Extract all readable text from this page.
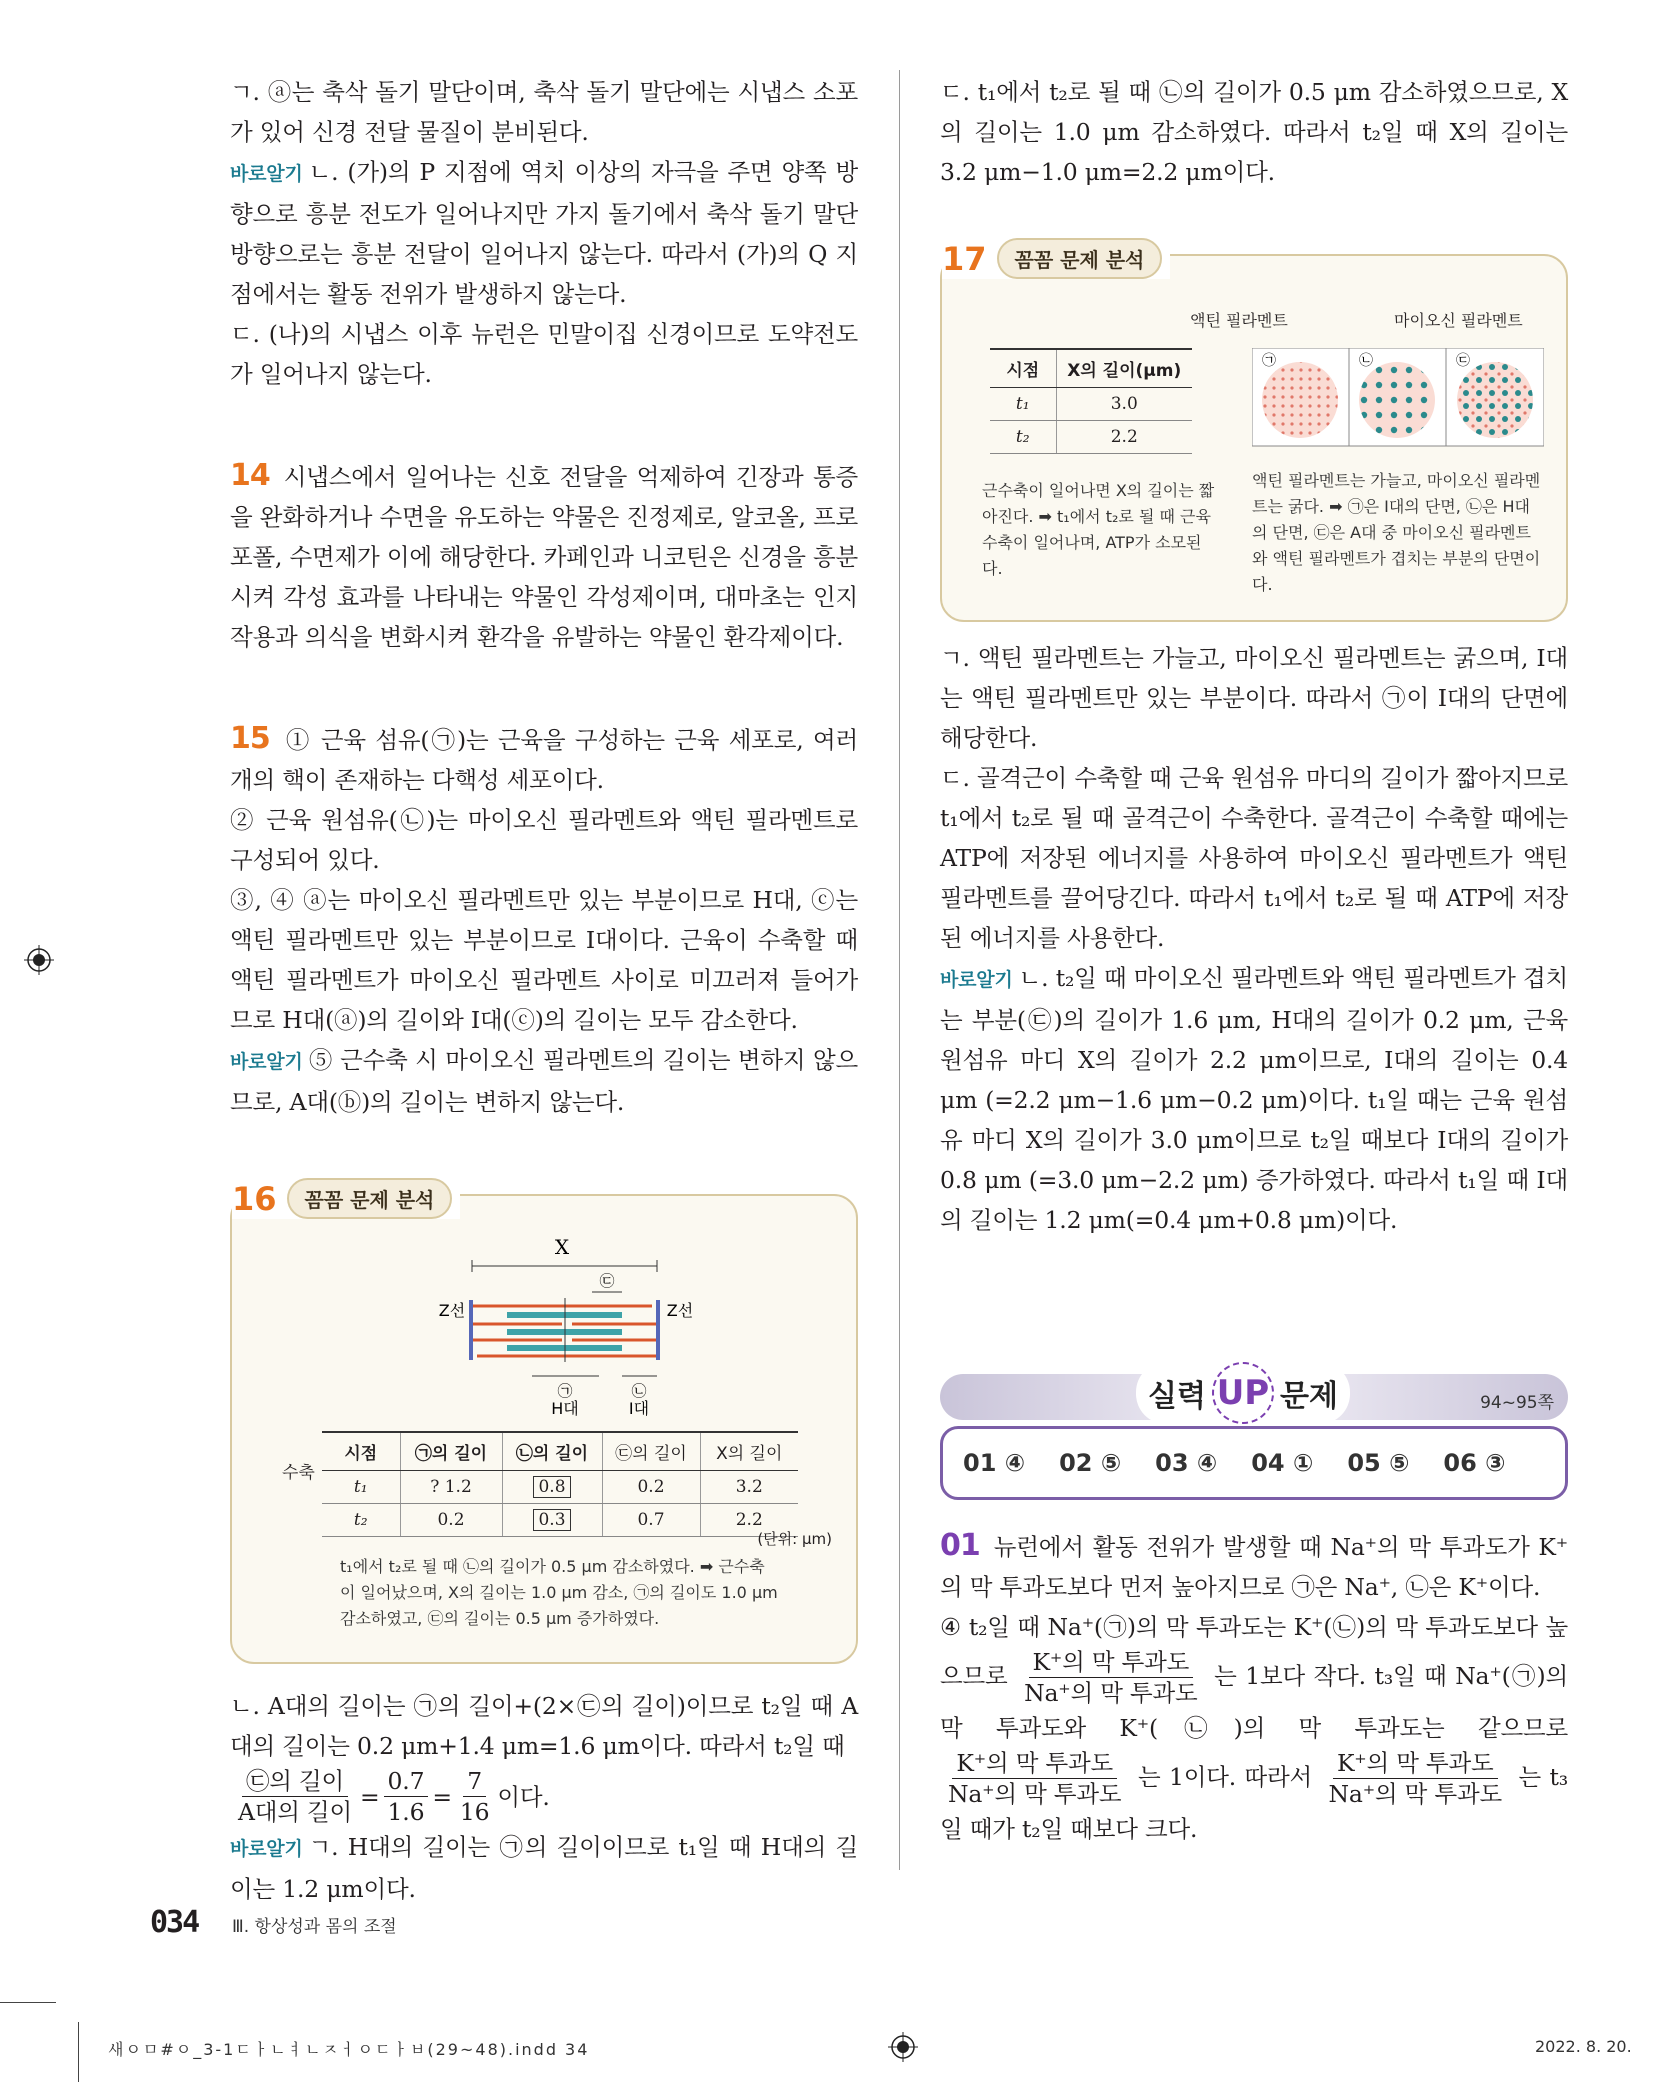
ㄱ. ⓐ는 축삭 돌기 말단이며, 축삭 돌기 말단에는 시냅스 소포가 있어 신경 전달 물질이 분비된다.

바로알기 ㄴ. (가)의 P 지점에 역치 이상의 자극을 주면 양쪽 방향으로 흥분 전도가 일어나지만 가지 돌기에서 축삭 돌기 말단 방향으로는 흥분 전달이 일어나지 않는다. 따라서 (가)의 Q 지점에서는 활동 전위가 발생하지 않는다.

ㄷ. (나)의 시냅스 이후 뉴런은 민말이집 신경이므로 도약전도가 일어나지 않는다.

14 시냅스에서 일어나는 신호 전달을 억제하여 긴장과 통증을 완화하거나 수면을 유도하는 약물은 진정제로, 알코올, 프로포폴, 수면제가 이에 해당한다. 카페인과 니코틴은 신경을 흥분시켜 각성 효과를 나타내는 약물인 각성제이며, 대마초는 인지 작용과 의식을 변화시켜 환각을 유발하는 약물인 환각제이다.

15 ① 근육 섬유(㉠)는 근육을 구성하는 근육 세포로, 여러 개의 핵이 존재하는 다핵성 세포이다.

② 근육 원섬유(㉡)는 마이오신 필라멘트와 액틴 필라멘트로 구성되어 있다.

③, ④ ⓐ는 마이오신 필라멘트만 있는 부분이므로 H대, ⓒ는 액틴 필라멘트만 있는 부분이므로 I대이다. 근육이 수축할 때 액틴 필라멘트가 마이오신 필라멘트 사이로 미끄러져 들어가므로 H대(ⓐ)의 길이와 I대(ⓒ)의 길이는 모두 감소한다.

바로알기 ⑤ 근수축 시 마이오신 필라멘트의 길이는 변하지 않으므로, A대(ⓑ)의 길이는 변하지 않는다.

16	꼼꼼 문제 분석
X
㉢
Z선	Z선
㉠	㉡
H대	I대
수축
시점	㉠의 길이	㉡의 길이	㉢의 길이	X의 길이
t₁	? 1.2	0.8	0.2	3.2
t₂	0.2	0.3	0.7	2.2
(단위: μm)
t₁에서 t₂로 될 때 ㉡의 길이가 0.5 μm 감소하였다. ➡ 근수축이 일어났으며, X의 길이는 1.0 μm 감소, ㉠의 길이도 1.0 μm 감소하였고, ㉢의 길이는 0.5 μm 증가하였다.

ㄴ. A대의 길이는 ㉠의 길이+(2×㉢의 길이)이므로 t₂일 때 A대의 길이는 0.2 μm+1.4 μm=1.6 μm이다. 따라서 t₂일 때

$\frac{\text{㉢의 길이}}{\text{A대의 길이}} = \frac{0.7}{1.6} = \frac{7}{16}$ 이다.

바로알기 ㄱ. H대의 길이는 ㉠의 길이이므로 t₁일 때 H대의 길이는 1.2 μm이다.

ㄷ. t₁에서 t₂로 될 때 ㉡의 길이가 0.5 μm 감소하였으므로, X의 길이는 1.0 μm 감소하였다. 따라서 t₂일 때 X의 길이는 3.2 μm−1.0 μm=2.2 μm이다.

17	꼼꼼 문제 분석
액틴 필라멘트	마이오신 필라멘트
시점	X의 길이(μm)
t₁	3.0
t₂	2.2
㉠	㉡	㉢
근수축이 일어나면 X의 길이는 짧아진다. ➡ t₁에서 t₂로 될 때 근육 수축이 일어나며, ATP가 소모된다.
액틴 필라멘트는 가늘고, 마이오신 필라멘트는 굵다. ➡ ㉠은 I대의 단면, ㉡은 H대의 단면, ㉢은 A대 중 마이오신 필라멘트와 액틴 필라멘트가 겹치는 부분의 단면이다.

ㄱ. 액틴 필라멘트는 가늘고, 마이오신 필라멘트는 굵으며, I대는 액틴 필라멘트만 있는 부분이다. 따라서 ㉠이 I대의 단면에 해당한다.

ㄷ. 골격근이 수축할 때 근육 원섬유 마디의 길이가 짧아지므로 t₁에서 t₂로 될 때 골격근이 수축한다. 골격근이 수축할 때에는 ATP에 저장된 에너지를 사용하여 마이오신 필라멘트가 액틴 필라멘트를 끌어당긴다. 따라서 t₁에서 t₂로 될 때 ATP에 저장된 에너지를 사용한다.

바로알기 ㄴ. t₂일 때 마이오신 필라멘트와 액틴 필라멘트가 겹치는 부분(㉢)의 길이가 1.6 μm, H대의 길이가 0.2 μm, 근육 원섬유 마디 X의 길이가 2.2 μm이므로, I대의 길이는 0.4 μm (=2.2 μm−1.6 μm−0.2 μm)이다. t₁일 때는 근육 원섬유 마디 X의 길이가 3.0 μm이므로 t₂일 때보다 I대의 길이가 0.8 μm (=3.0 μm−2.2 μm) 증가하였다. 따라서 t₁일 때 I대의 길이는 1.2 μm(=0.4 μm+0.8 μm)이다.

실력 UP 문제	94~95쪽
01 ④ 02 ⑤ 03 ④ 04 ① 05 ⑤ 06 ③

01 뉴런에서 활동 전위가 발생할 때 Na⁺의 막 투과도가 K⁺의 막 투과도보다 먼저 높아지므로 ㉠은 Na⁺, ㉡은 K⁺이다.

④ t₂일 때 Na⁺(㉠)의 막 투과도는 K⁺(㉡)의 막 투과도보다 높으므로 $\frac{\text{K⁺의 막 투과도}}{\text{Na⁺의 막 투과도}}$ 는 1보다 작다. t₃일 때 Na⁺(㉠)의 막 투과도와 K⁺(㉡)의 막 투과도는 같으므로
$\frac{\text{K⁺의 막 투과도}}{\text{Na⁺의 막 투과도}}$ 는 1이다. 따라서 $\frac{\text{K⁺의 막 투과도}}{\text{Na⁺의 막 투과도}}$ 는 t₃일 때가 t₂일 때보다 크다.

034 Ⅲ. 항상성과 몸의 조절
새ㅇㅁ#ㅇ_3-1ㄷㅏㄴㅕㄴㅈㅓㅇㄷㅏㅂ(29~48).indd 34	2022. 8. 20.
